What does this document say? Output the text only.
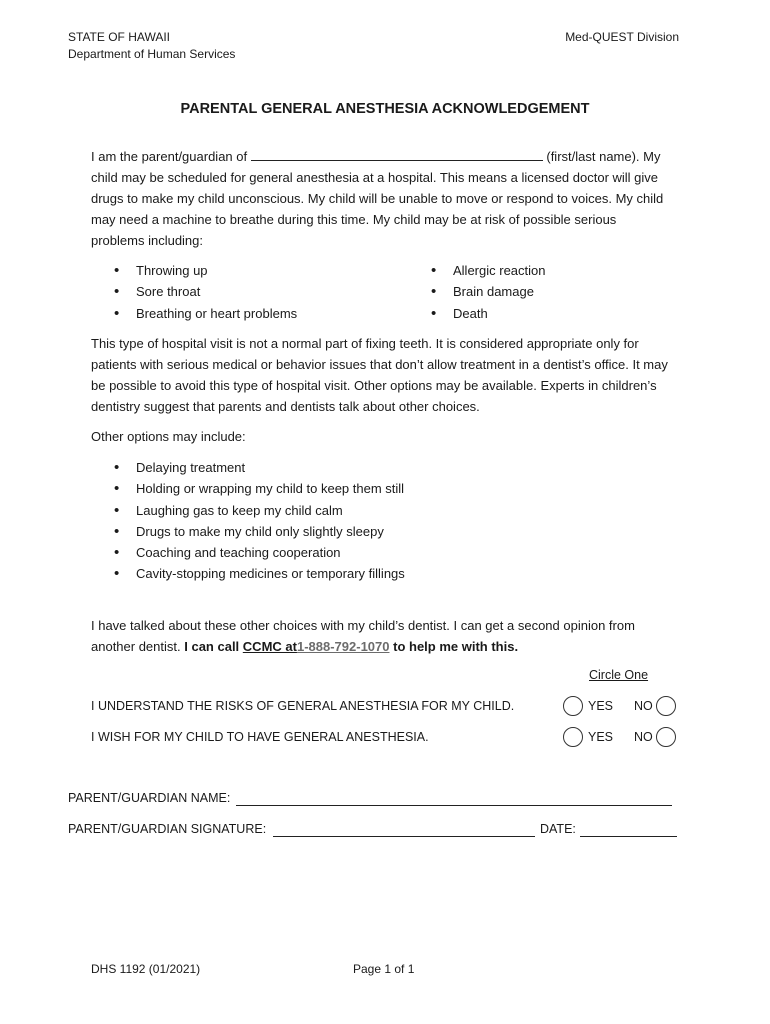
STATE OF HAWAII
Department of Human Services
Med-QUEST Division
PARENTAL GENERAL ANESTHESIA ACKNOWLEDGEMENT
I am the parent/guardian of	(first/last name). My child may be scheduled for general anesthesia at a hospital. This means a licensed doctor will give drugs to make my child unconscious. My child will be unable to move or respond to voices. My child may need a machine to breathe during this time. My child may be at risk of possible serious problems including:
• Throwing up
• Sore throat
• Breathing or heart problems
• Allergic reaction
• Brain damage
• Death
This type of hospital visit is not a normal part of fixing teeth. It is considered appropriate only for patients with serious medical or behavior issues that don’t allow treatment in a dentist’s office. It may be possible to avoid this type of hospital visit. Other options may be available. Experts in children’s dentistry suggest that parents and dentists talk about other choices.
Other options may include:
• Delaying treatment
• Holding or wrapping my child to keep them still
• Laughing gas to keep my child calm
• Drugs to make my child only slightly sleepy
• Coaching and teaching cooperation
• Cavity-stopping medicines or temporary fillings
I have talked about these other choices with my child’s dentist. I can get a second opinion from another dentist. I can call CCMC at1-888-792-1070 to help me with this.
Circle One
I UNDERSTAND THE RISKS OF GENERAL ANESTHESIA FOR MY CHILD.	YES NO
I WISH FOR MY CHILD TO HAVE GENERAL ANESTHESIA.	YES NO
PARENT/GUARDIAN NAME:
PARENT/GUARDIAN SIGNATURE:	DATE:
DHS 1192 (01/2021)	Page 1 of 1
